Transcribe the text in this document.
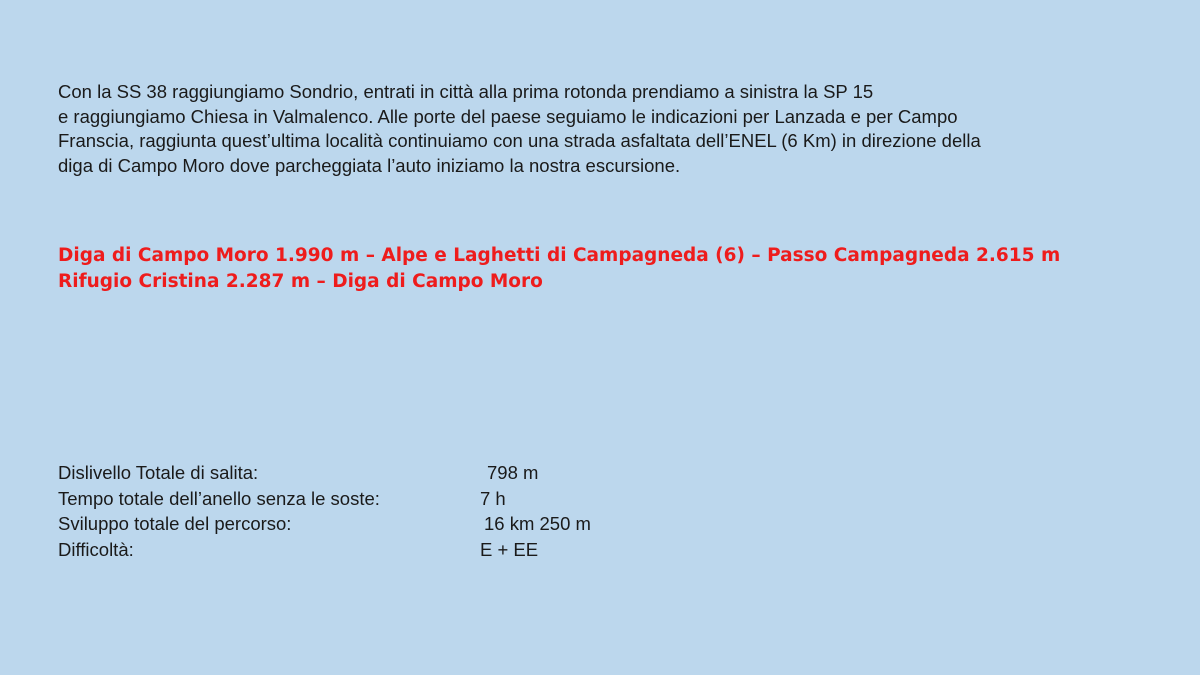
Con la SS 38 raggiungiamo Sondrio, entrati in città alla prima rotonda prendiamo a sinistra la SP 15
e raggiungiamo Chiesa in Valmalenco. Alle porte del paese seguiamo le indicazioni per Lanzada e per Campo
Franscia, raggiunta quest’ultima località continuiamo con una strada asfaltata dell’ENEL (6 Km) in direzione della
diga di Campo Moro dove parcheggiata l’auto iniziamo la nostra escursione.
Diga di Campo Moro 1.990 m – Alpe e Laghetti di Campagneda (6) – Passo Campagneda 2.615 m
Rifugio Cristina 2.287 m – Diga di Campo Moro
Dislivello Totale di salita:	798 m
Tempo totale dell’anello senza le soste:	7 h
Sviluppo totale del percorso:	16 km 250 m
Difficoltà:	E + EE
